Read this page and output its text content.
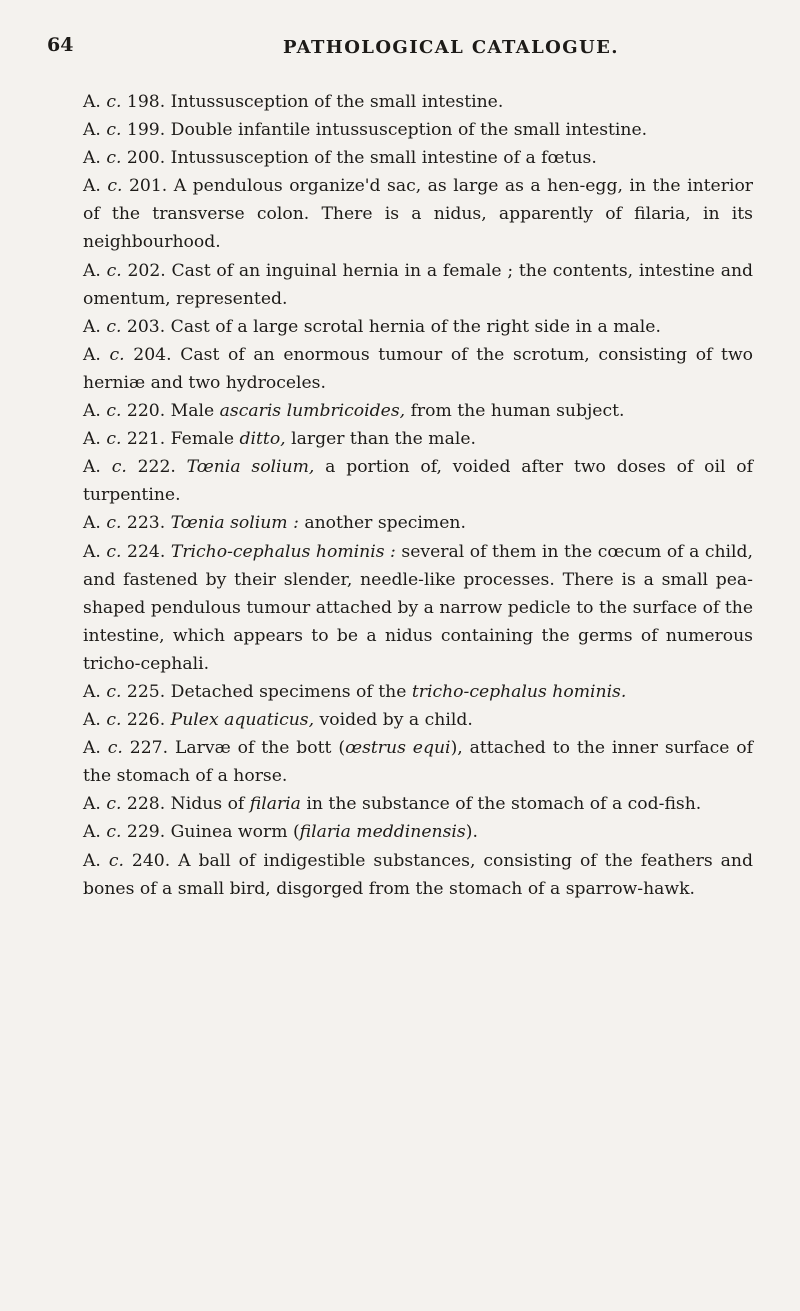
64	PATHOLOGICAL CATALOGUE.

A. c. 198. Intussusception of the small intestine.

A. c. 199. Double infantile intussusception of the small intestine.

A. c. 200. Intussusception of the small intestine of a fœtus.

A. c. 201. A pendulous organize'd sac, as large as a hen-egg, in the interior of the transverse colon. There is a nidus, apparently of filaria, in its neighbourhood.

A. c. 202. Cast of an inguinal hernia in a female ; the contents, intestine and omentum, represented.

A. c. 203. Cast of a large scrotal hernia of the right side in a male.

A. c. 204. Cast of an enormous tumour of the scrotum, consisting of two herniæ and two hydroceles.

A. c. 220. Male ascaris lumbricoides, from the human subject.

A. c. 221. Female ditto, larger than the male.

A. c. 222. Tœnia solium, a portion of, voided after two doses of oil of turpentine.

A. c. 223. Tœnia solium : another specimen.

A. c. 224. Tricho-cephalus hominis : several of them in the cœcum of a child, and fastened by their slender, needle-like processes. There is a small pea-shaped pendulous tumour attached by a narrow pedicle to the surface of the intestine, which appears to be a nidus containing the germs of numerous tricho-cephali.

A. c. 225. Detached specimens of the tricho-cephalus hominis.

A. c. 226. Pulex aquaticus, voided by a child.

A. c. 227. Larvæ of the bott (œstrus equi), attached to the inner surface of the stomach of a horse.

A. c. 228. Nidus of filaria in the substance of the stomach of a cod-fish.

A. c. 229. Guinea worm (filaria meddinensis).

A. c. 240. A ball of indigestible substances, consisting of the feathers and bones of a small bird, disgorged from the stomach of a sparrow-hawk.
